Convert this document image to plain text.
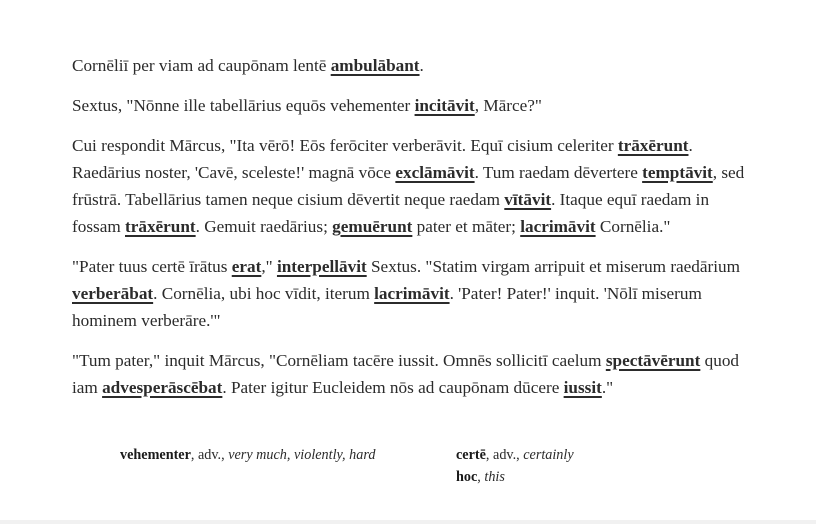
Cornēliī per viam ad caupōnam lentē ambulābant.

Sextus, "Nōnne ille tabellārius equōs vehementer incitāvit, Mārce?"

Cui respondit Mārcus, "Ita vērō! Eōs ferōciter verberāvit. Equī cisium celeriter trāxērunt. Raedārius noster, 'Cavē, sceleste!' magnā vōce exclāmāvit. Tum raedam dēvertere temptāvit, sed frūstrā. Tabellārius tamen neque cisium dēvertit neque raedam vītāvit. Itaque equī raedam in fossam trāxērunt. Gemuit raedārius; gemuērunt pater et māter; lacrimāvit Cornēlia."

"Pater tuus certē īrātus erat," interpellāvit Sextus. "Statim virgam arripuit et miserum raedārium verberābat. Cornēlia, ubi hoc vīdit, iterum lacrimāvit. 'Pater! Pater!' inquit. 'Nōlī miserum hominem verberāre.'"

"Tum pater," inquit Mārcus, "Cornēliam tacēre iussit. Omnēs sollicitī caelum spectāvērunt quod iam advesperāscēbat. Pater igitur Eucleidem nōs ad caupōnam dūcere iussit."

vehementer, adv., very much, violently, hard	certē, adv., certainly
hoc, this
